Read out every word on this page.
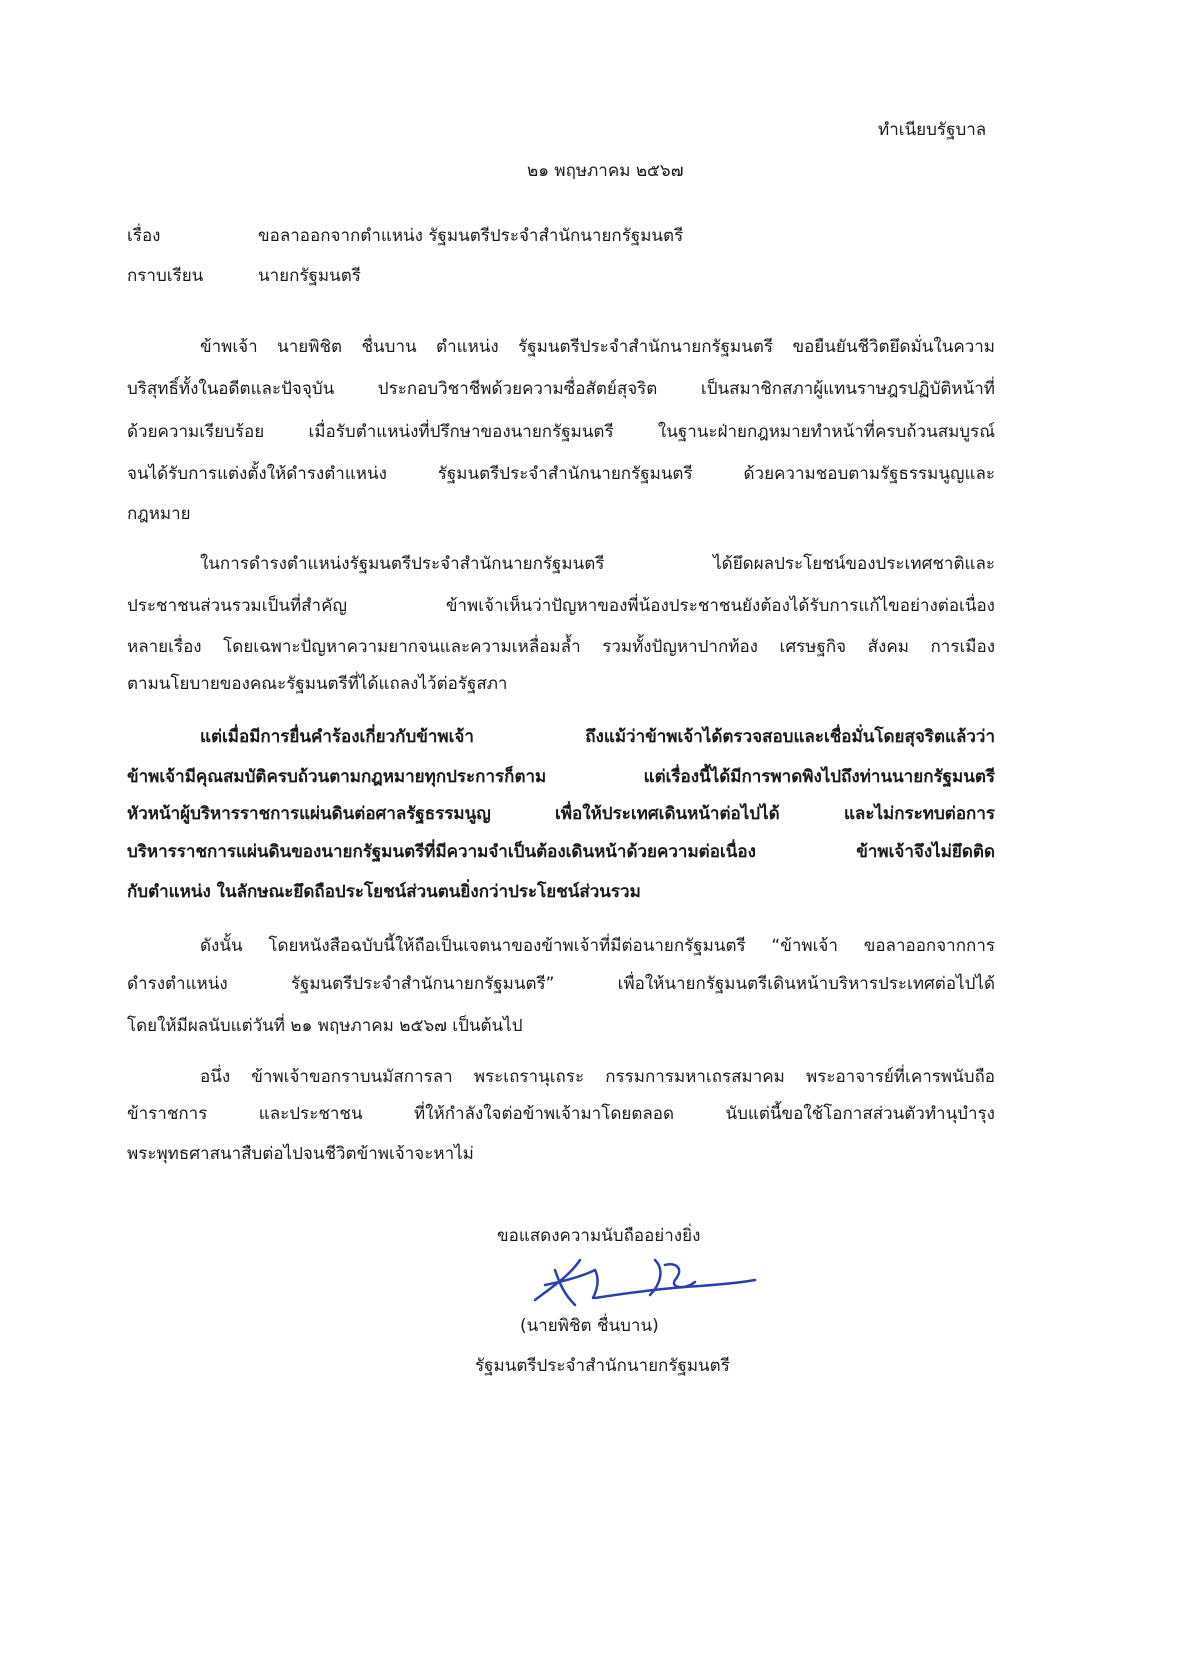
ทำเนียบรัฐบาล
๒๑ พฤษภาคม ๒๕๖๗
เรื่อง	ขอลาออกจากตำแหน่ง รัฐมนตรีประจำสำนักนายกรัฐมนตรี
กราบเรียน	นายกรัฐมนตรี
ข้าพเจ้า นายพิชิต ชื่นบาน ตำแหน่ง รัฐมนตรีประจำสำนักนายกรัฐมนตรี ขอยืนยันชีวิตยึดมั่นในความ
บริสุทธิ์ทั้งในอดีตและปัจจุบัน ประกอบวิชาชีพด้วยความซื่อสัตย์สุจริต เป็นสมาชิกสภาผู้แทนราษฎรปฏิบัติหน้าที่
ด้วยความเรียบร้อย เมื่อรับตำแหน่งที่ปรึกษาของนายกรัฐมนตรี ในฐานะฝ่ายกฎหมายทำหน้าที่ครบถ้วนสมบูรณ์
จนได้รับการแต่งตั้งให้ดำรงตำแหน่ง รัฐมนตรีประจำสำนักนายกรัฐมนตรี ด้วยความชอบตามรัฐธรรมนูญและ
กฎหมาย
ในการดำรงตำแหน่งรัฐมนตรีประจำสำนักนายกรัฐมนตรี ได้ยึดผลประโยชน์ของประเทศชาติและ
ประชาชนส่วนรวมเป็นที่สำคัญ ข้าพเจ้าเห็นว่าปัญหาของพี่น้องประชาชนยังต้องได้รับการแก้ไขอย่างต่อเนื่อง
หลายเรื่อง โดยเฉพาะปัญหาความยากจนและความเหลื่อมล้ำ รวมทั้งปัญหาปากท้อง เศรษฐกิจ สังคม การเมือง
ตามนโยบายของคณะรัฐมนตรีที่ได้แถลงไว้ต่อรัฐสภา
แต่เมื่อมีการยื่นคำร้องเกี่ยวกับข้าพเจ้า ถึงแม้ว่าข้าพเจ้าได้ตรวจสอบและเชื่อมั่นโดยสุจริตแล้วว่า
ข้าพเจ้ามีคุณสมบัติครบถ้วนตามกฎหมายทุกประการก็ตาม แต่เรื่องนี้ได้มีการพาดพิงไปถึงท่านนายกรัฐมนตรี
หัวหน้าผู้บริหารราชการแผ่นดินต่อศาลรัฐธรรมนูญ เพื่อให้ประเทศเดินหน้าต่อไปได้ และไม่กระทบต่อการ
บริหารราชการแผ่นดินของนายกรัฐมนตรีที่มีความจำเป็นต้องเดินหน้าด้วยความต่อเนื่อง ข้าพเจ้าจึงไม่ยึดติด
กับตำแหน่ง ในลักษณะยึดถือประโยชน์ส่วนตนยิ่งกว่าประโยชน์ส่วนรวม
ดังนั้น โดยหนังสือฉบับนี้ให้ถือเป็นเจตนาของข้าพเจ้าที่มีต่อนายกรัฐมนตรี “ข้าพเจ้า ขอลาออกจากการ
ดำรงตำแหน่ง รัฐมนตรีประจำสำนักนายกรัฐมนตรี” เพื่อให้นายกรัฐมนตรีเดินหน้าบริหารประเทศต่อไปได้
โดยให้มีผลนับแต่วันที่ ๒๑ พฤษภาคม ๒๕๖๗ เป็นต้นไป
อนึ่ง ข้าพเจ้าขอกราบนมัสการลา พระเถรานุเถระ กรรมการมหาเถรสมาคม พระอาจารย์ที่เคารพนับถือ
ข้าราชการ และประชาชน ที่ให้กำลังใจต่อข้าพเจ้ามาโดยตลอด นับแต่นี้ขอใช้โอกาสส่วนตัวทำนุบำรุง
พระพุทธศาสนาสืบต่อไปจนชีวิตข้าพเจ้าจะหาไม่
ขอแสดงความนับถืออย่างยิ่ง
(นายพิชิต ชื่นบาน)
รัฐมนตรีประจำสำนักนายกรัฐมนตรี
